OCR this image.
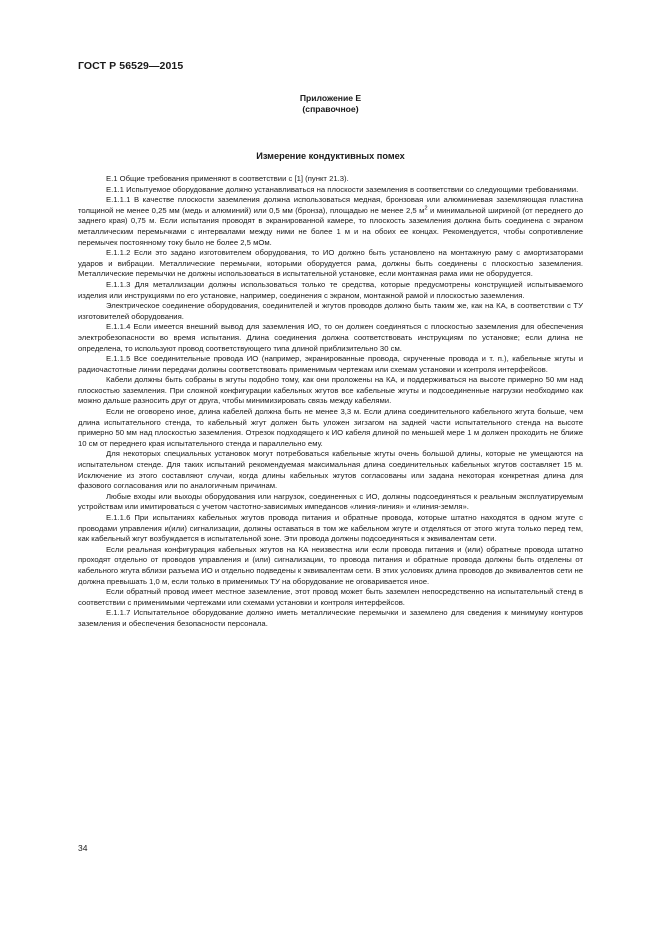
ГОСТ Р 56529—2015
Приложение Е
(справочное)
Измерение кондуктивных помех

Е.1 Общие требования применяют в соответствии с [1] (пункт 21.3).

Е.1.1 Испытуемое оборудование должно устанавливаться на плоскости заземления в соответствии со следующими требованиями.

Е.1.1.1 В качестве плоскости заземления должна использоваться медная, бронзовая или алюминиевая заземляющая пластина толщиной не менее 0,25 мм (медь и алюминий) или 0,5 мм (бронза), площадью не менее 2,5 $м^2$ и минимальной шириной (от переднего до заднего края) 0,75 м. Если испытания проводят в экранированной камере, то плоскость заземления должна быть соединена с экраном металлическим перемычками с интервалами между ними не более 1 м и на обоих ее концах. Рекомендуется, чтобы сопротивление перемычек постоянному току было не более 2,5 мОм.

Е.1.1.2 Если это задано изготовителем оборудования, то ИО должно быть установлено на монтажную раму с амортизаторами ударов и вибрации. Металлические перемычки, которыми оборудуется рама, должны быть соединены с плоскостью заземления. Металлические перемычки не должны использоваться в испытательной установке, если монтажная рама ими не оборудуется.

Е.1.1.3 Для металлизации должны использоваться только те средства, которые предусмотрены конструкцией испытываемого изделия или инструкциями по его установке, например, соединения с экраном, монтажной рамой и плоскостью заземления.

Электрическое соединение оборудования, соединителей и жгутов проводов должно быть таким же, как на КА, в соответствии с ТУ изготовителей оборудования.

Е.1.1.4 Если имеется внешний вывод для заземления ИО, то он должен соединяться с плоскостью заземления для обеспечения электробезопасности во время испытания. Длина соединения должна соответствовать инструкциям по установке; если длина не определена, то используют провод соответствующего типа длиной приблизительно 30 см.

Е.1.1.5 Все соединительные провода ИО (например, экранированные провода, скрученные провода и т. п.), кабельные жгуты и радиочастотные линии передачи должны соответствовать применимым чертежам или схемам установки и контроля интерфейсов.

Кабели должны быть собраны в жгуты подобно тому, как они проложены на КА, и поддерживаться на высоте примерно 50 мм над плоскостью заземления. При сложной конфигурации кабельных жгутов все кабельные жгуты и подсоединенные нагрузки необходимо как можно дальше разносить друг от друга, чтобы минимизировать связь между кабелями.

Если не оговорено иное, длина кабелей должна быть не менее 3,3 м. Если длина соединительного кабельного жгута больше, чем длина испытательного стенда, то кабельный жгут должен быть уложен зигзагом на задней части испытательного стенда на высоте примерно 50 мм над плоскостью заземления. Отрезок подходящего к ИО кабеля длиной по меньшей мере 1 м должен проходить не ближе 10 см от переднего края испытательного стенда и параллельно ему.

Для некоторых специальных установок могут потребоваться кабельные жгуты очень большой длины, которые не умещаются на испытательном стенде. Для таких испытаний рекомендуемая максимальная длина соединительных кабельных жгутов составляет 15 м. Исключение из этого составляют случаи, когда длины кабельных жгутов согласованы или задана некоторая конкретная длина для фазового согласования или по аналогичным причинам.

Любые входы или выходы оборудования или нагрузок, соединенных с ИО, должны подсоединяться к реальным эксплуатируемым устройствам или имитироваться с учетом частотно-зависимых импедансов «линия-линия» и «линия-земля».

Е.1.1.6 При испытаниях кабельных жгутов провода питания и обратные провода, которые штатно находятся в одном жгуте с проводами управления и(или) сигнализации, должны оставаться в том же кабельном жгуте и отделяться от этого жгута только перед тем, как кабельный жгут возбуждается в испытательной зоне. Эти провода должны подсоединяться к эквивалентам сети.

Если реальная конфигурация кабельных жгутов на КА неизвестна или если провода питания и (или) обратные провода штатно проходят отдельно от проводов управления и (или) сигнализации, то провода питания и обратные провода должны быть отделены от кабельного жгута вблизи разъема ИО и отдельно подведены к эквивалентам сети. В этих условиях длина проводов до эквивалентов сети не должна превышать 1,0 м, если только в применимых ТУ на оборудование не оговаривается иное.

Если обратный провод имеет местное заземление, этот провод может быть заземлен непосредственно на испытательный стенд в соответствии с применимыми чертежами или схемами установки и контроля интерфейсов.

Е.1.1.7 Испытательное оборудование должно иметь металлические перемычки и заземлено для сведения к минимуму контуров заземления и обеспечения безопасности персонала.

34
